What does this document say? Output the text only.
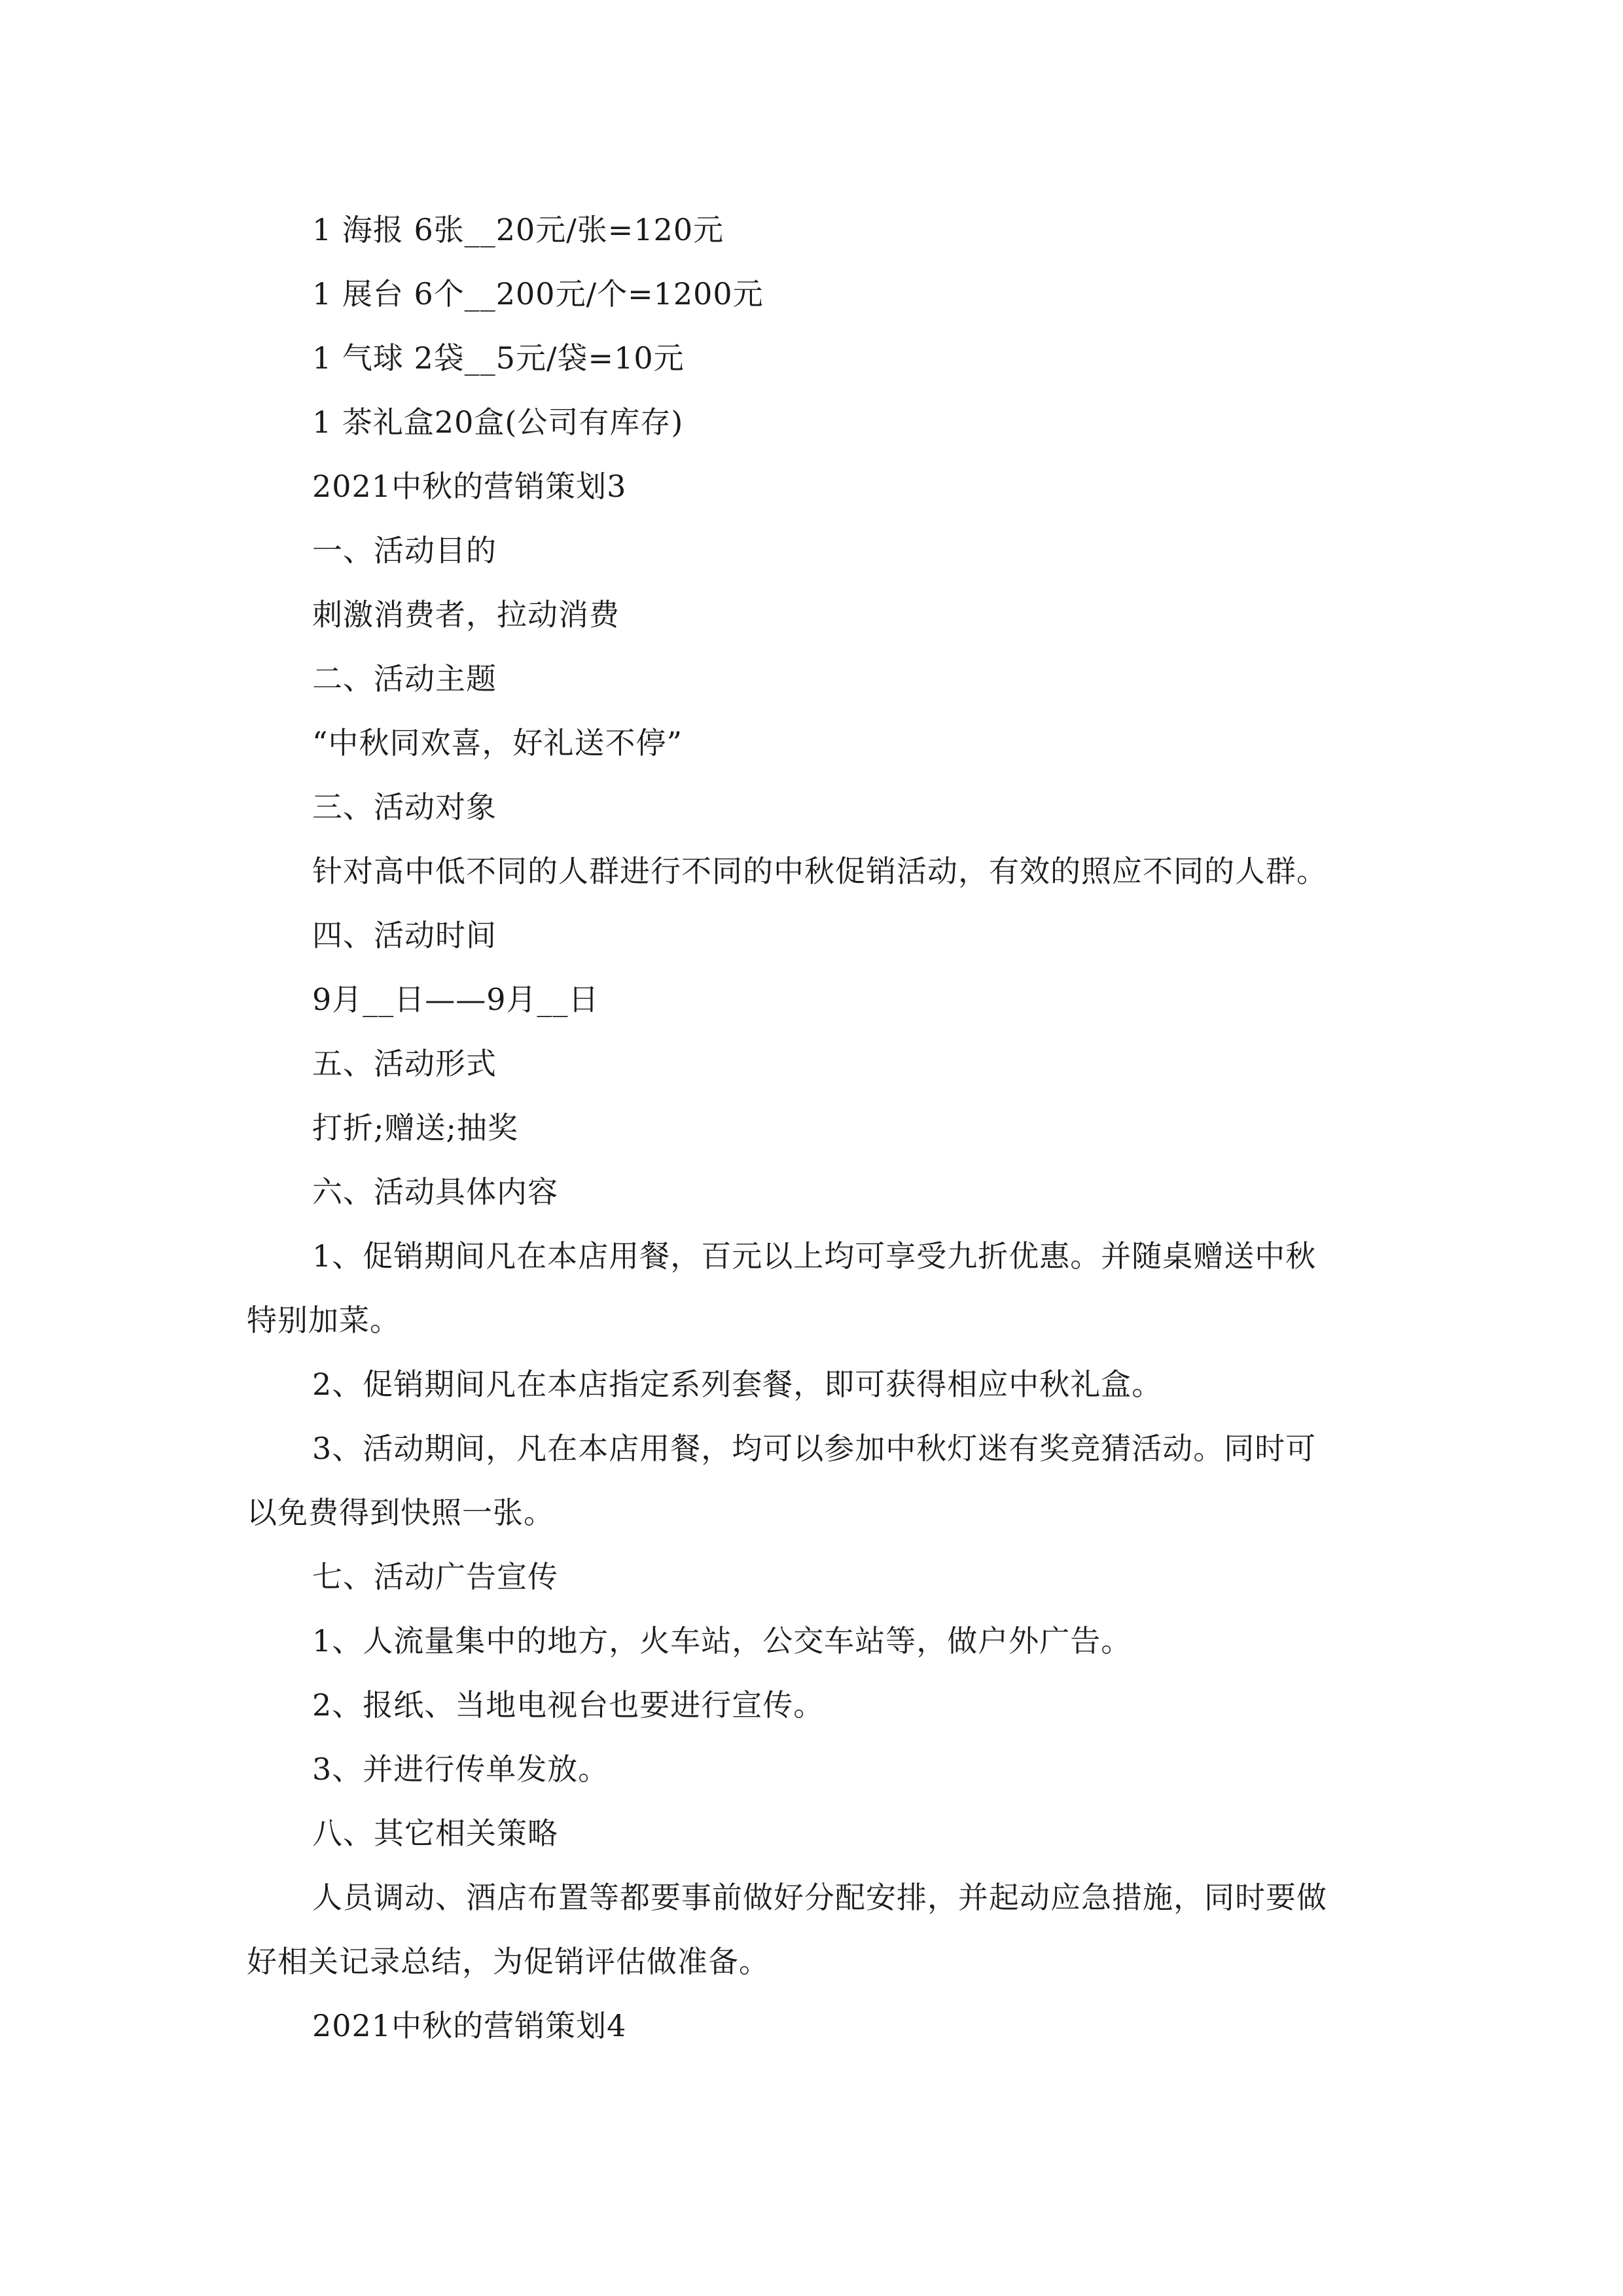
1 海报 6张__20元/张=120元
1 展台 6个__200元/个=1200元
1 气球 2袋__5元/袋=10元
1 茶礼盒20盒(公司有库存)
2021中秋的营销策划3
一、活动目的
刺激消费者，拉动消费
二、活动主题
“中秋同欢喜，好礼送不停”
三、活动对象
针对高中低不同的人群进行不同的中秋促销活动，有效的照应不同的人群。
四、活动时间
9月__日——9月__日
五、活动形式
打折;赠送;抽奖
六、活动具体内容
1、促销期间凡在本店用餐，百元以上均可享受九折优惠。并随桌赠送中秋
特别加菜。
2、促销期间凡在本店指定系列套餐，即可获得相应中秋礼盒。
3、活动期间，凡在本店用餐，均可以参加中秋灯迷有奖竞猜活动。同时可
以免费得到快照一张。
七、活动广告宣传
1、人流量集中的地方，火车站，公交车站等，做户外广告。
2、报纸、当地电视台也要进行宣传。
3、并进行传单发放。
八、其它相关策略
人员调动、酒店布置等都要事前做好分配安排，并起动应急措施，同时要做
好相关记录总结，为促销评估做准备。
2021中秋的营销策划4
